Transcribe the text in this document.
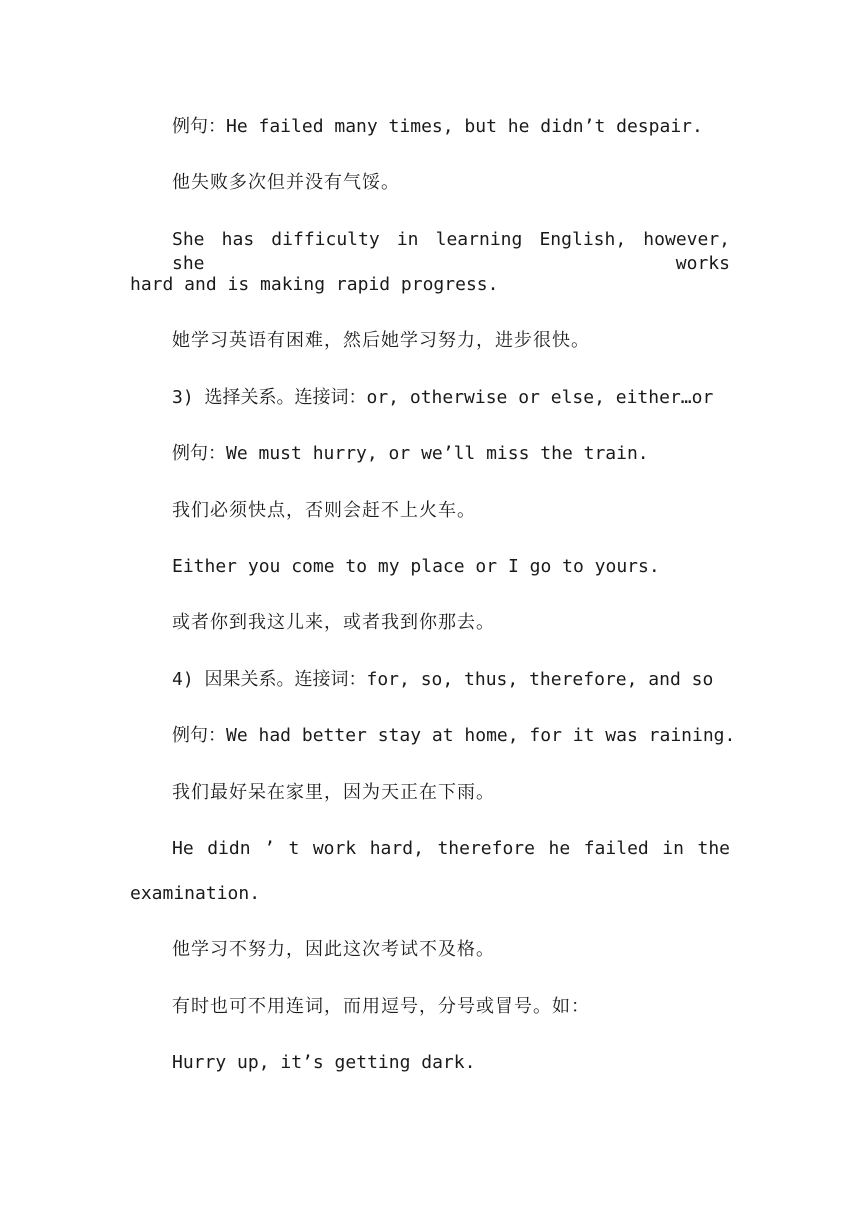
例句：He failed many times, but he didn’t despair.
他失败多次但并没有气馁。
She has difficulty in learning English, however, she works
hard and is making rapid progress.
她学习英语有困难，然后她学习努力，进步很快。
3) 选择关系。连接词：or, otherwise or else, either…or
例句：We must hurry, or we’ll miss the train.
我们必须快点，否则会赶不上火车。
Either you come to my place or I go to yours.
或者你到我这儿来，或者我到你那去。
4) 因果关系。连接词：for, so, thus, therefore, and so
例句：We had better stay at home, for it was raining.
我们最好呆在家里，因为天正在下雨。
He didn ’ t work hard, therefore he failed in the
examination.
他学习不努力，因此这次考试不及格。
有时也可不用连词，而用逗号，分号或冒号。如：
Hurry up, it’s getting dark.
